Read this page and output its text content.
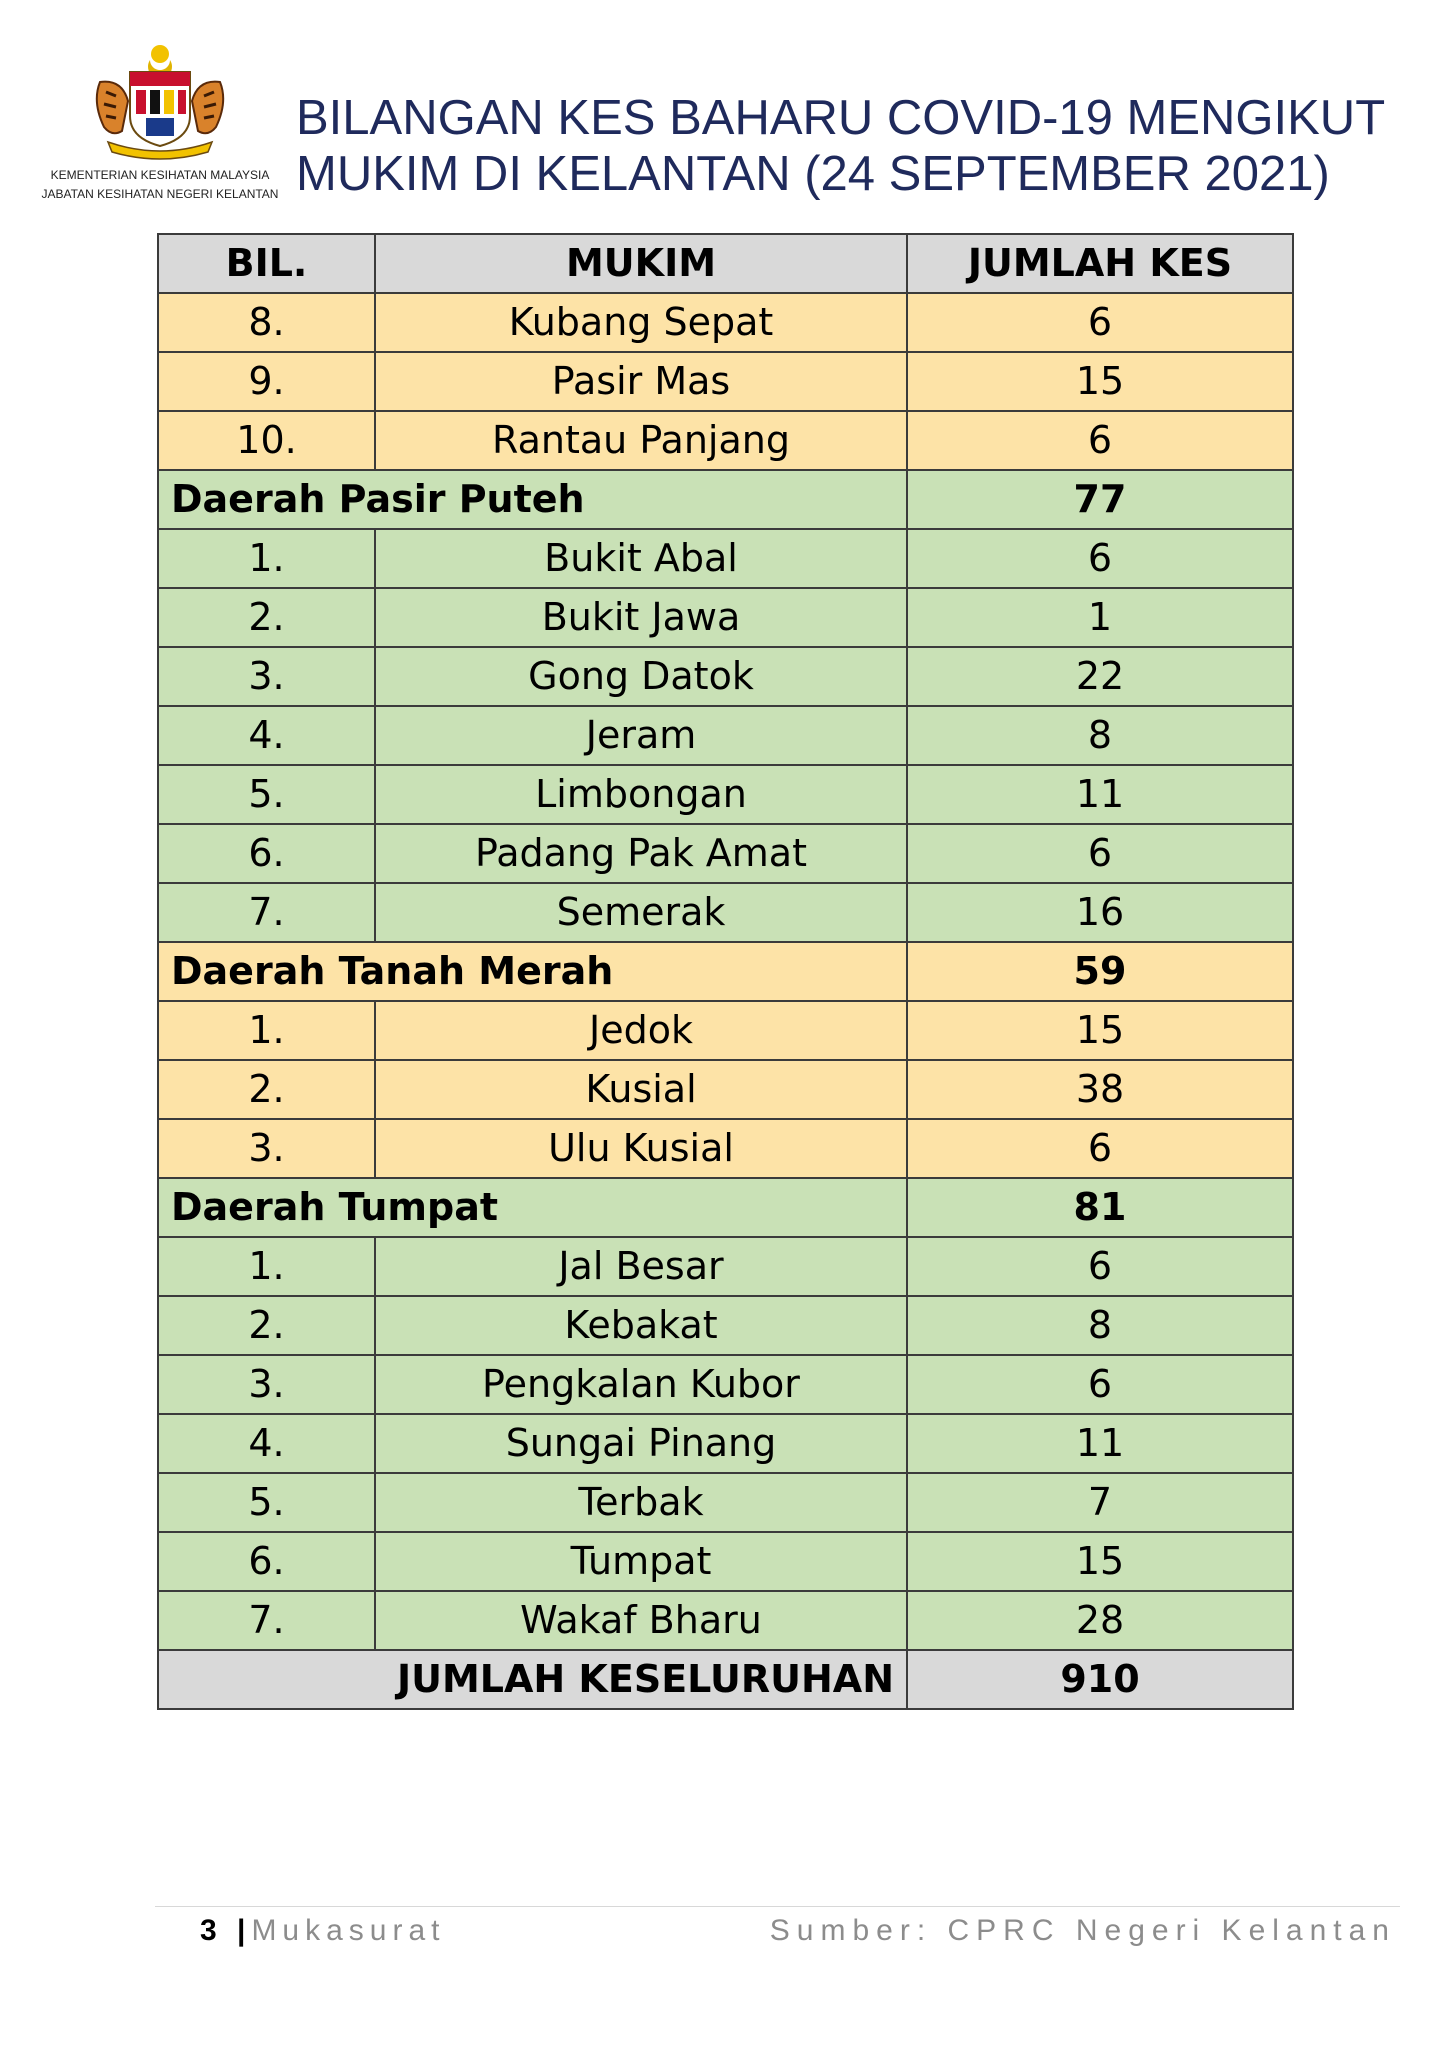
KEMENTERIAN KESIHATAN MALAYSIA
JABATAN KESIHATAN NEGERI KELANTAN
BILANGAN KES BAHARU COVID-19 MENGIKUT
MUKIM DI KELANTAN (24 SEPTEMBER 2021)
BIL.	MUKIM	JUMLAH KES
8.	Kubang Sepat	6
9.	Pasir Mas	15
10.	Rantau Panjang	6
Daerah Pasir Puteh		77
1.	Bukit Abal	6
2.	Bukit Jawa	1
3.	Gong Datok	22
4.	Jeram	8
5.	Limbongan	11
6.	Padang Pak Amat	6
7.	Semerak	16
Daerah Tanah Merah		59
1.	Jedok	15
2.	Kusial	38
3.	Ulu Kusial	6
Daerah Tumpat		81
1.	Jal Besar	6
2.	Kebakat	8
3.	Pengkalan Kubor	6
4.	Sungai Pinang	11
5.	Terbak	7
6.	Tumpat	15
7.	Wakaf Bharu	28
JUMLAH KESELURUHAN		910
3 |Mukasurat	Sumber: CPRC Negeri Kelantan
